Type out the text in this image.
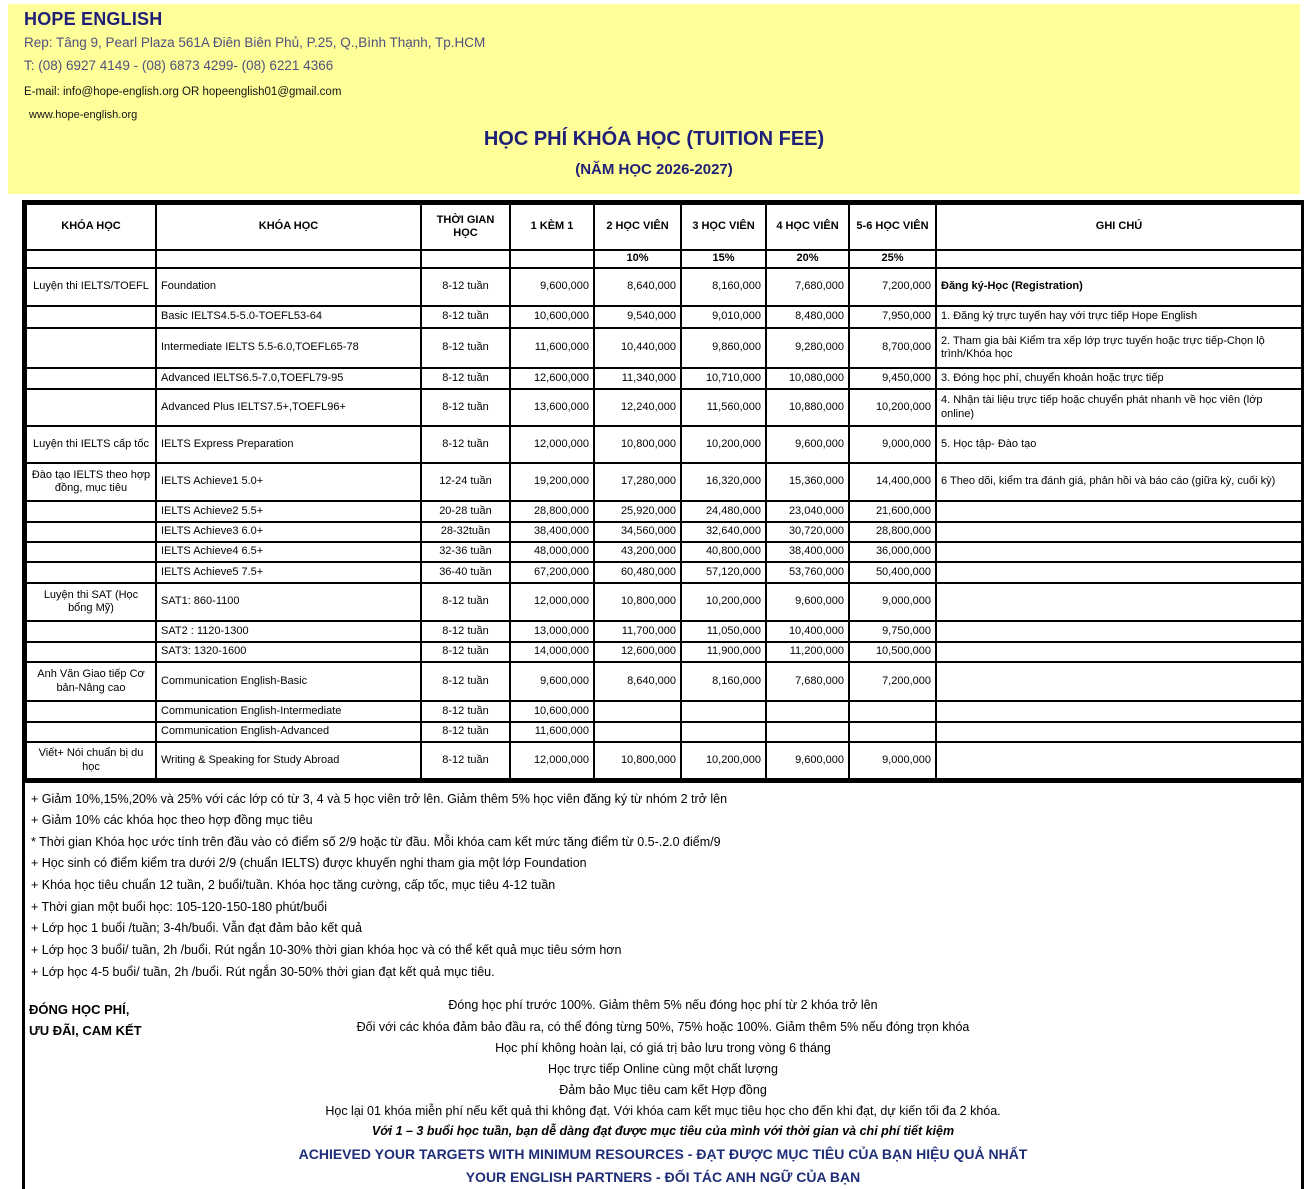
HOPE ENGLISH
Rep: Tâng 9, Pearl Plaza 561A Điên Biên Phủ, P.25, Q.,Bình Thạnh, Tp.HCM
T: (08) 6927 4149 - (08) 6873 4299- (08) 6221 4366
E-mail: info@hope-english.org OR hopeenglish01@gmail.com
www.hope-english.org
HỌC PHÍ KHÓA HỌC (TUITION FEE)
(NĂM HỌC 2026-2027)
KHÓA HỌC	KHÓA HỌC	THỜI GIAN HỌC	1 KÈM 1	2 HỌC VIÊN	3 HỌC VIÊN	4 HỌC VIÊN	5-6 HỌC VIÊN	GHI CHÚ
				10%	15%	20%	25%	
Luyện thi IELTS/TOEFL	Foundation	8-12 tuần	9,600,000	8,640,000	8,160,000	7,680,000	7,200,000	Đăng ký-Học (Registration)
	Basic IELTS4.5-5.0-TOEFL53-64	8-12 tuần	10,600,000	9,540,000	9,010,000	8,480,000	7,950,000	1. Đăng ký trực tuyến hay với trực tiếp Hope English
	Intermediate IELTS 5.5-6.0,TOEFL65-78	8-12 tuần	11,600,000	10,440,000	9,860,000	9,280,000	8,700,000	2. Tham gia bài Kiểm tra xếp lớp trực tuyến hoặc trực tiếp-Chọn lộ trình/Khóa học
	Advanced IELTS6.5-7.0,TOEFL79-95	8-12 tuần	12,600,000	11,340,000	10,710,000	10,080,000	9,450,000	3. Đóng học phí, chuyển khoản hoặc trực tiếp
	Advanced Plus IELTS7.5+,TOEFL96+	8-12 tuần	13,600,000	12,240,000	11,560,000	10,880,000	10,200,000	4. Nhận tài liệu trực tiếp hoặc chuyển phát nhanh về học viên (lớp online)
Luyện thi IELTS cấp tốc	IELTS Express Preparation	8-12 tuần	12,000,000	10,800,000	10,200,000	9,600,000	9,000,000	5. Học tập- Đào tạo
Đào tạo IELTS theo hợp đồng, mục tiêu	IELTS Achieve1 5.0+	12-24 tuần	19,200,000	17,280,000	16,320,000	15,360,000	14,400,000	6 Theo dõi, kiểm tra đánh giá, phản hồi và báo cáo (giữa kỳ, cuối kỳ)
	IELTS Achieve2 5.5+	20-28 tuần	28,800,000	25,920,000	24,480,000	23,040,000	21,600,000	
	IELTS Achieve3 6.0+	28-32tuần	38,400,000	34,560,000	32,640,000	30,720,000	28,800,000	
	IELTS Achieve4 6.5+	32-36 tuần	48,000,000	43,200,000	40,800,000	38,400,000	36,000,000	
	IELTS Achieve5 7.5+	36-40 tuần	67,200,000	60,480,000	57,120,000	53,760,000	50,400,000	
Luyện thi SAT (Học bổng Mỹ)	SAT1: 860-1100	8-12 tuần	12,000,000	10,800,000	10,200,000	9,600,000	9,000,000	
	SAT2 : 1120-1300	8-12 tuần	13,000,000	11,700,000	11,050,000	10,400,000	9,750,000	
	SAT3: 1320-1600	8-12 tuần	14,000,000	12,600,000	11,900,000	11,200,000	10,500,000	
Anh Văn Giao tiếp Cơ bản-Nâng cao	Communication English-Basic	8-12 tuần	9,600,000	8,640,000	8,160,000	7,680,000	7,200,000	
	Communication English-Intermediate	8-12 tuần	10,600,000					
	Communication English-Advanced	8-12 tuần	11,600,000					
Viết+ Nói chuẩn bị du học	Writing & Speaking for Study Abroad	8-12 tuần	12,000,000	10,800,000	10,200,000	9,600,000	9,000,000	
+ Giảm 10%,15%,20% và 25% với các lớp có từ 3, 4 và 5 học viên trở lên. Giảm thêm 5% học viên đăng ký từ nhóm 2 trở lên
+ Giảm 10% các khóa học theo hợp đồng mục tiêu
* Thời gian Khóa học ước tính trên đầu vào có điểm số 2/9 hoặc từ đầu. Mỗi khóa cam kết mức tăng điểm từ 0.5-.2.0 điểm/9
+ Học sinh có điểm kiểm tra dưới 2/9 (chuẩn IELTS) được khuyến nghi tham gia một lớp Foundation
+ Khóa học tiêu chuẩn 12 tuần, 2 buổi/tuần. Khóa học tăng cường, cấp tốc, mục tiêu 4-12 tuần
+ Thời gian một buổi học: 105-120-150-180 phút/buổi
+ Lớp học 1 buổi /tuần; 3-4h/buổi. Vẫn đạt đảm bảo kết quả
+ Lớp học 3 buổi/ tuần, 2h /buổi. Rút ngắn 10-30% thời gian khóa học và có thể kết quả mục tiêu sớm hơn
+ Lớp học 4-5 buổi/ tuần, 2h /buổi. Rút ngắn 30-50% thời gian đạt kết quả mục tiêu.
ĐÓNG HỌC PHÍ,
ƯU ĐÃI, CAM KẾT
Đóng học phí trước 100%. Giảm thêm 5% nếu đóng học phí từ 2 khóa trở lên
Đối với các khóa đảm bảo đầu ra, có thể đóng từng 50%, 75% hoặc 100%. Giảm thêm 5% nếu đóng trọn khóa
Học phí không hoàn lại, có giá trị bảo lưu trong vòng 6 tháng
Học trực tiếp Online cùng một chất lượng
Đảm bảo Mục tiêu cam kết Hợp đồng
Học lại 01 khóa miễn phí nếu kết quả thi không đạt. Với khóa cam kết mục tiêu học cho đến khi đạt, dự kiến tối đa 2 khóa.
Với 1 – 3 buổi học tuần, bạn dễ dàng đạt được mục tiêu của mình với thời gian và chi phí tiết kiệm
ACHIEVED YOUR TARGETS WITH MINIMUM RESOURCES - ĐẠT ĐƯỢC MỤC TIÊU CỦA BẠN HIỆU QUẢ NHẤT
YOUR ENGLISH PARTNERS - ĐỐI TÁC ANH NGỮ CỦA BẠN
